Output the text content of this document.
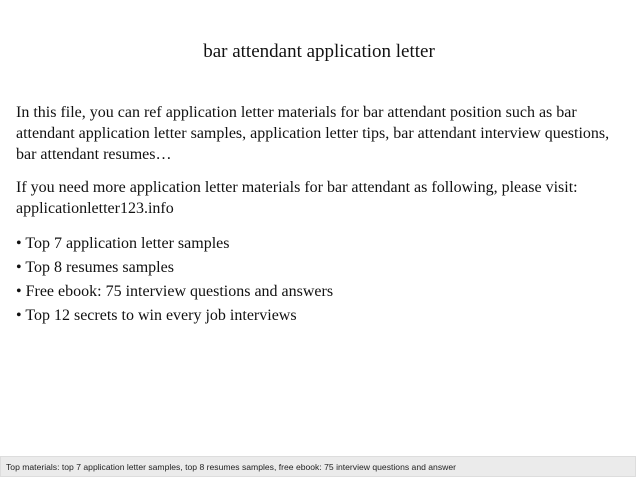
bar attendant application letter

In this file, you can ref application letter materials for bar attendant position such as bar attendant application letter samples, application letter tips, bar attendant interview questions, bar attendant resumes…

If you need more application letter materials for bar attendant as following, please visit: applicationletter123.info

• Top 7 application letter samples
• Top 8 resumes samples
• Free ebook: 75 interview questions and answers
• Top 12 secrets to win every job interviews
Top materials: top 7 application letter samples, top 8 resumes samples, free ebook: 75 interview questions and answer
